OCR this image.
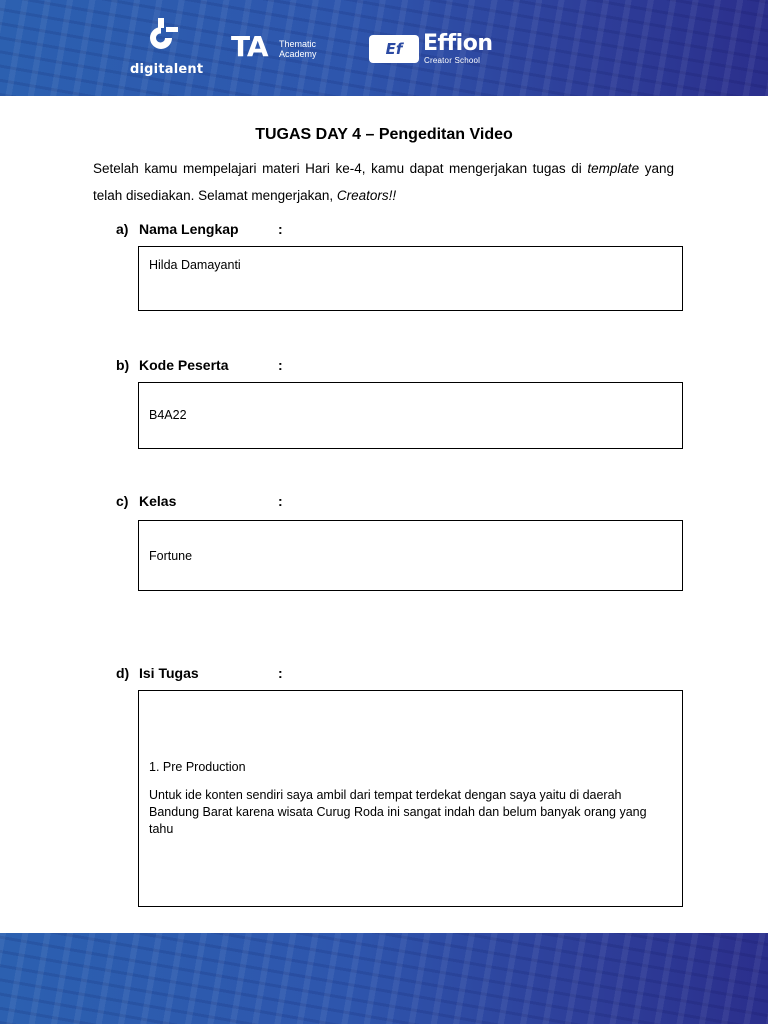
digitalent
TA Thematic
Academy	Ef Effion
Creator School
TUGAS DAY 4 – Pengeditan Video
Setelah kamu mempelajari materi Hari ke-4, kamu dapat mengerjakan tugas di template yang telah disediakan. Selamat mengerjakan, Creators!!
a) Nama Lengkap	:
Hilda Damayanti
b) Kode Peserta	:
B4A22
c) Kelas	:
Fortune
d) Isi Tugas	:
1. Pre Production
Untuk ide konten sendiri saya ambil dari tempat terdekat dengan saya yaitu di daerah Bandung Barat karena wisata Curug Roda ini sangat indah dan belum banyak orang yang tahu
